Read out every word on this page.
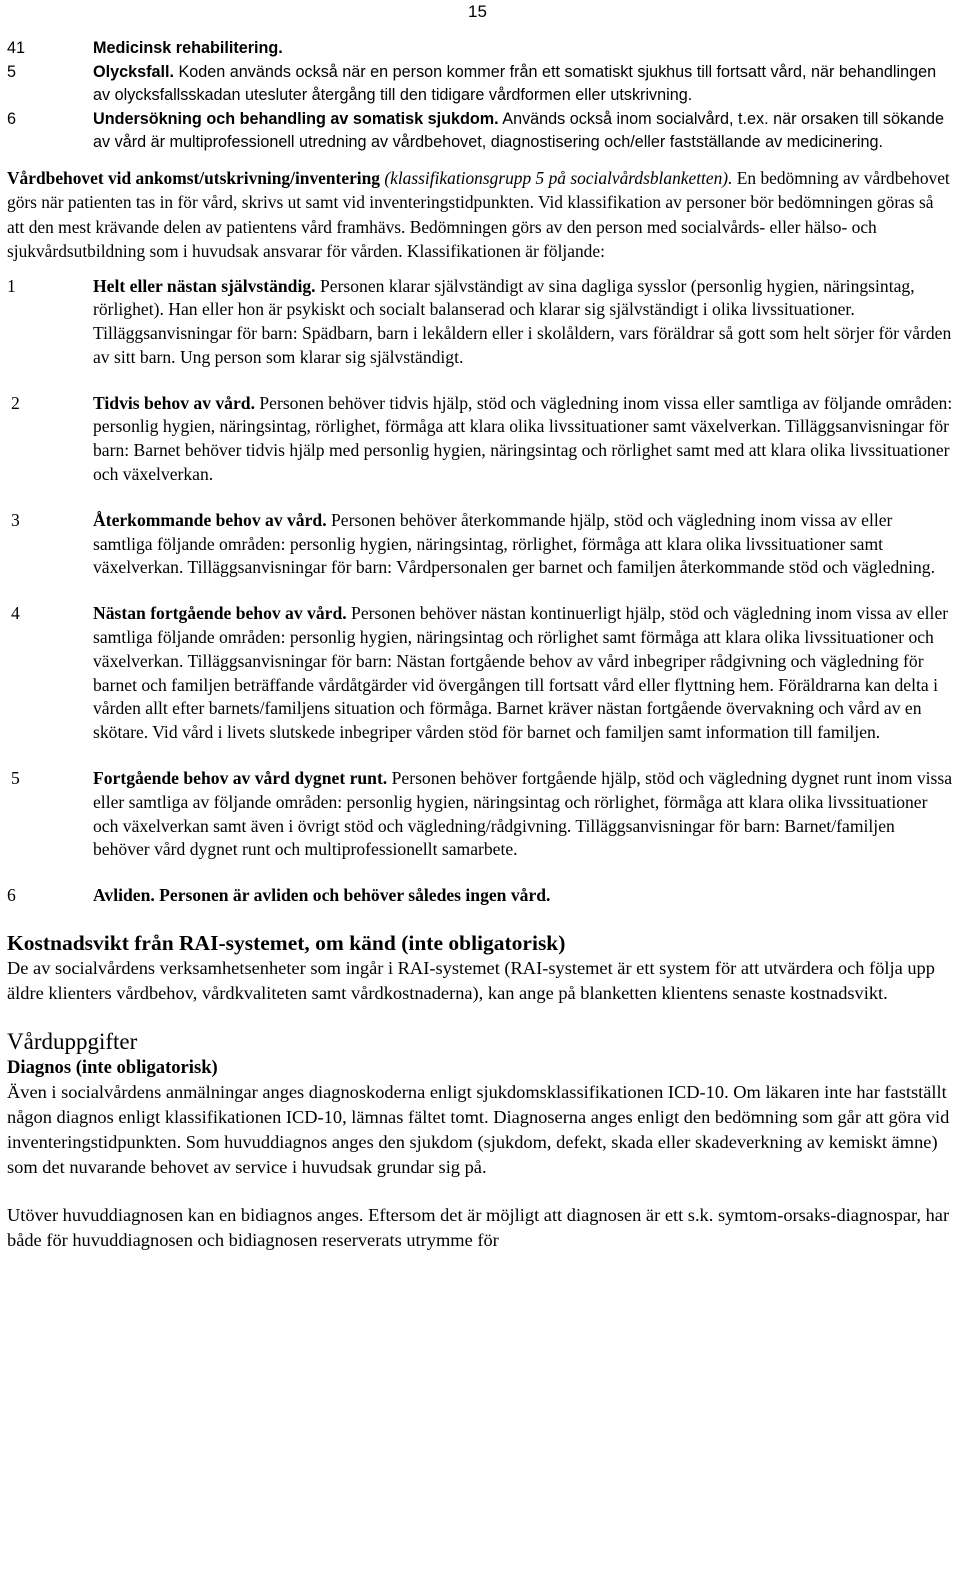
15
41	Medicinsk rehabilitering.
5	Olycksfall. Koden används också när en person kommer från ett somatiskt sjukhus till fortsatt vård, när behandlingen av olycksfallsskadan utesluter återgång till den tidigare vårdformen eller utskrivning.
6	Undersökning och behandling av somatisk sjukdom. Används också inom socialvård, t.ex. när orsaken till sökande av vård är multiprofessionell utredning av vårdbehovet, diagnostisering och/eller fastställande av medicinering.
Vårdbehovet vid ankomst/utskrivning/inventering (klassifikationsgrupp 5 på socialvårdsblanketten). En bedömning av vårdbehovet görs när patienten tas in för vård, skrivs ut samt vid inventeringstidpunkten. Vid klassifikation av personer bör bedömningen göras så att den mest krävande delen av patientens vård framhävs. Bedömningen görs av den person med socialvårds- eller hälso- och sjukvårdsutbildning som i huvudsak ansvarar för vården. Klassifikationen är följande:
1	Helt eller nästan självständig. Personen klarar självständigt av sina dagliga sysslor (personlig hygien, näringsintag, rörlighet). Han eller hon är psykiskt och socialt balanserad och klarar sig självständigt i olika livssituationer. Tilläggsanvisningar för barn: Spädbarn, barn i lekåldern eller i skolåldern, vars föräldrar så gott som helt sörjer för vården av sitt barn. Ung person som klarar sig självständigt.
2	Tidvis behov av vård. Personen behöver tidvis hjälp, stöd och vägledning inom vissa eller samtliga av följande områden: personlig hygien, näringsintag, rörlighet, förmåga att klara olika livssituationer samt växelverkan. Tilläggsanvisningar för barn: Barnet behöver tidvis hjälp med personlig hygien, näringsintag och rörlighet samt med att klara olika livssituationer och växelverkan.
3	Återkommande behov av vård. Personen behöver återkommande hjälp, stöd och vägledning inom vissa av eller samtliga följande områden: personlig hygien, näringsintag, rörlighet, förmåga att klara olika livssituationer samt växelverkan. Tilläggsanvisningar för barn: Vårdpersonalen ger barnet och familjen återkommande stöd och vägledning.
4	Nästan fortgående behov av vård. Personen behöver nästan kontinuerligt hjälp, stöd och vägledning inom vissa av eller samtliga följande områden: personlig hygien, näringsintag och rörlighet samt förmåga att klara olika livssituationer och växelverkan. Tilläggsanvisningar för barn: Nästan fortgående behov av vård inbegriper rådgivning och vägledning för barnet och familjen beträffande vårdåtgärder vid övergången till fortsatt vård eller flyttning hem. Föräldrarna kan delta i vården allt efter barnets/familjens situation och förmåga. Barnet kräver nästan fortgående övervakning och vård av en skötare. Vid vård i livets slutskede inbegriper vården stöd för barnet och familjen samt information till familjen.
5	Fortgående behov av vård dygnet runt. Personen behöver fortgående hjälp, stöd och vägledning dygnet runt inom vissa eller samtliga av följande områden: personlig hygien, näringsintag och rörlighet, förmåga att klara olika livssituationer och växelverkan samt även i övrigt stöd och vägledning/rådgivning. Tilläggsanvisningar för barn: Barnet/familjen behöver vård dygnet runt och multiprofessionellt samarbete.
6	Avliden. Personen är avliden och behöver således ingen vård.
Kostnadsvikt från RAI-systemet, om känd (inte obligatorisk)
De av socialvårdens verksamhetsenheter som ingår i RAI-systemet (RAI-systemet är ett system för att utvärdera och följa upp äldre klienters vårdbehov, vårdkvaliteten samt vårdkostnaderna), kan ange på blanketten klientens senaste kostnadsvikt.
Vårduppgifter
Diagnos (inte obligatorisk)
Även i socialvårdens anmälningar anges diagnoskoderna enligt sjukdomsklassifikationen ICD-10. Om läkaren inte har fastställt någon diagnos enligt klassifikationen ICD-10, lämnas fältet tomt. Diagnoserna anges enligt den bedömning som går att göra vid inventeringstidpunkten. Som huvuddiagnos anges den sjukdom (sjukdom, defekt, skada eller skadeverkning av kemiskt ämne) som det nuvarande behovet av service i huvudsak grundar sig på.
Utöver huvuddiagnosen kan en bidiagnos anges. Eftersom det är möjligt att diagnosen är ett s.k. symtom-orsaks-diagnospar, har både för huvuddiagnosen och bidiagnosen reserverats utrymme för
